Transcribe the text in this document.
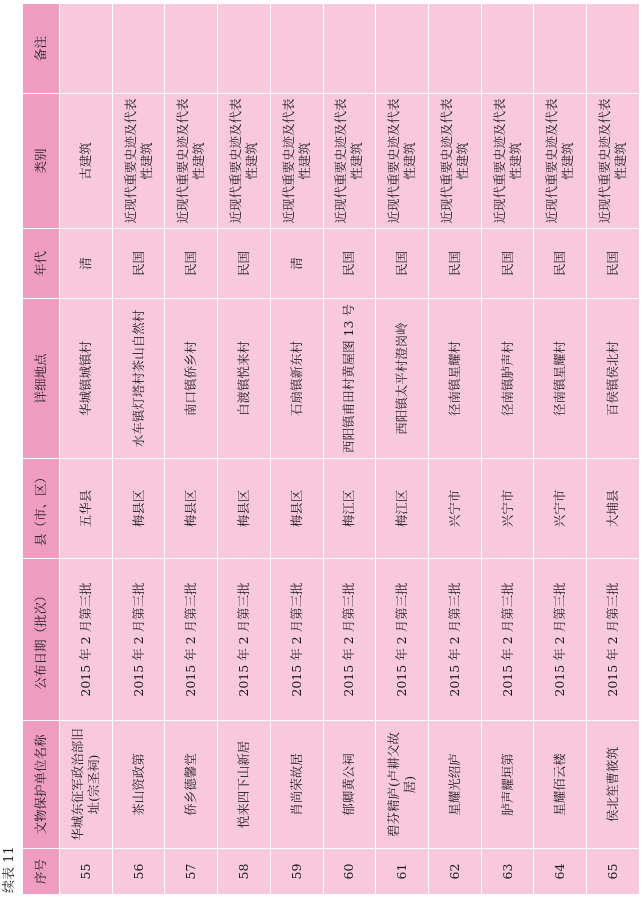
续表 11 序号	文物保护单位名称	公布日期（批次）	县（市、区）	详细地点	年代	类别	备注
55	华城东征军政治部旧址(宗圣祠)	2015 年 2 月第三批	五华县	华城镇城镇村	清	古建筑	
56	茶山资政第	2015 年 2 月第三批	梅县区	水车镇灯塔村茶山自然村	民国	近现代重要史迹及代表性建筑	
57	侨乡德馨堂	2015 年 2 月第三批	梅县区	南口镇侨乡村	民国	近现代重要史迹及代表性建筑	
58	悦来四下山新居	2015 年 2 月第三批	梅县区	白渡镇悦来村	民国	近现代重要史迹及代表性建筑	
59	肖尚荣故居	2015 年 2 月第三批	梅县区	石扇镇新东村	清	近现代重要史迹及代表性建筑	
60	郁卿黄公祠	2015 年 2 月第三批	梅江区	西阳镇甫田村黄屋图 13 号	民国	近现代重要史迹及代表性建筑	
61	碧芬精庐(卢耕父故居)	2015 年 2 月第三批	梅江区	西阳镇太平村澄岗岭	民国	近现代重要史迹及代表性建筑	
62	星耀光绍庐	2015 年 2 月第三批	兴宁市	径南镇星耀村	民国	近现代重要史迹及代表性建筑	
63	胪声耀垣第	2015 年 2 月第三批	兴宁市	径南镇胪声村	民国	近现代重要史迹及代表性建筑	
64	星耀佰云楼	2015 年 2 月第三批	兴宁市	径南镇星耀村	民国	近现代重要史迹及代表性建筑	
65	侯北笙曹筱筑	2015 年 2 月第三批	大埔县	百侯镇侯北村	民国	近现代重要史迹及代表性建筑	
